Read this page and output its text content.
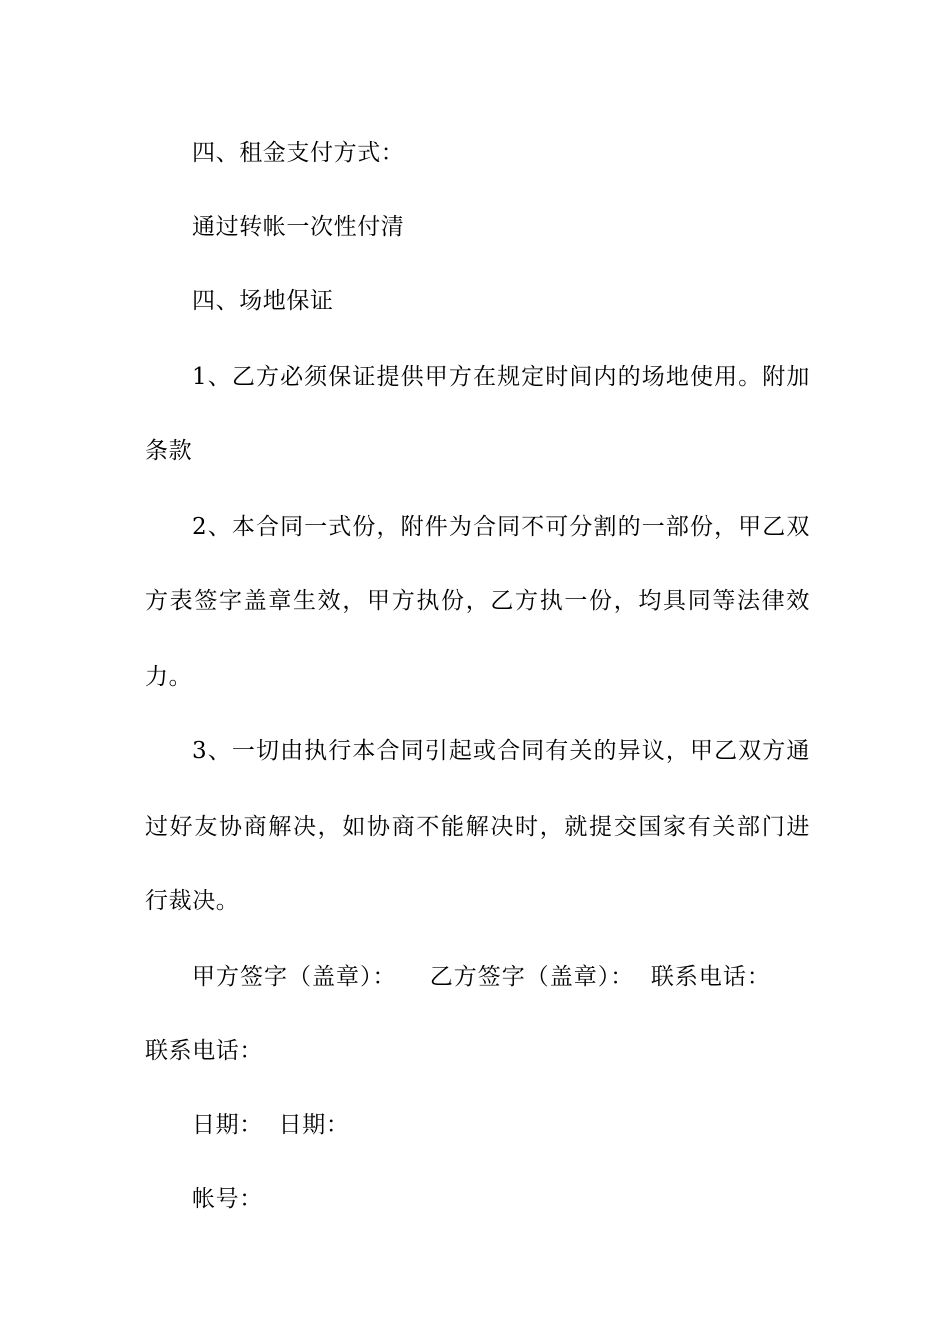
四、租金支付方式：
通过转帐一次性付清
四、场地保证
1、乙方必须保证提供甲方在规定时间内的场地使用。附加
条款
2、本合同一式份，附件为合同不可分割的一部份，甲乙双
方表签字盖章生效，甲方执份，乙方执一份，均具同等法律效
力。
3、一切由执行本合同引起或合同有关的异议，甲乙双方通
过好友协商解决，如协商不能解决时，就提交国家有关部门进
行裁决。
甲方签字（盖章）：    乙方签字（盖章）：  联系电话：
联系电话：
日期：  日期：
帐号：
